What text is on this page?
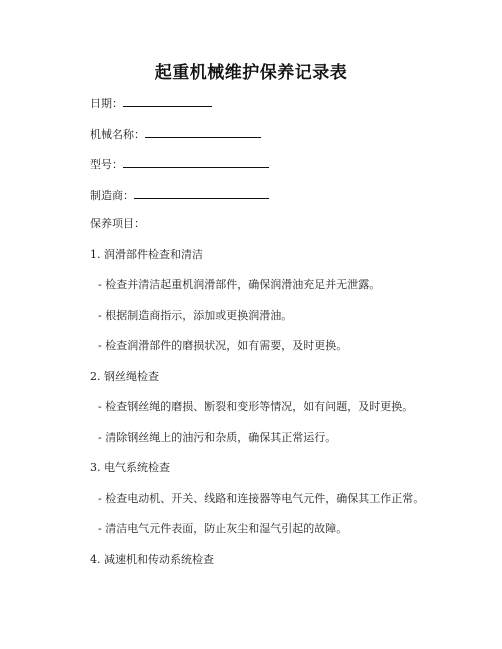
起重机械维护保养记录表
日期：
机械名称：
型号：
制造商：
保养项目：
1. 润滑部件检查和清洁
- 检查并清洁起重机润滑部件，确保润滑油充足并无泄露。
- 根据制造商指示，添加或更换润滑油。
- 检查润滑部件的磨损状况，如有需要，及时更换。
2. 钢丝绳检查
- 检查钢丝绳的磨损、断裂和变形等情况，如有问题，及时更换。
- 清除钢丝绳上的油污和杂质，确保其正常运行。
3. 电气系统检查
- 检查电动机、开关、线路和连接器等电气元件，确保其工作正常。
- 清洁电气元件表面，防止灰尘和湿气引起的故障。
4. 减速机和传动系统检查
